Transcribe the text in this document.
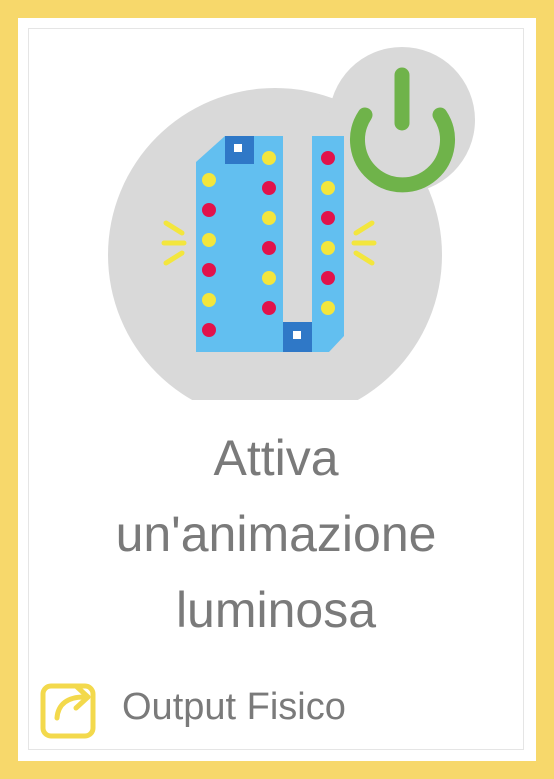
Attiva
un'animazione
luminosa
Output Fisico
